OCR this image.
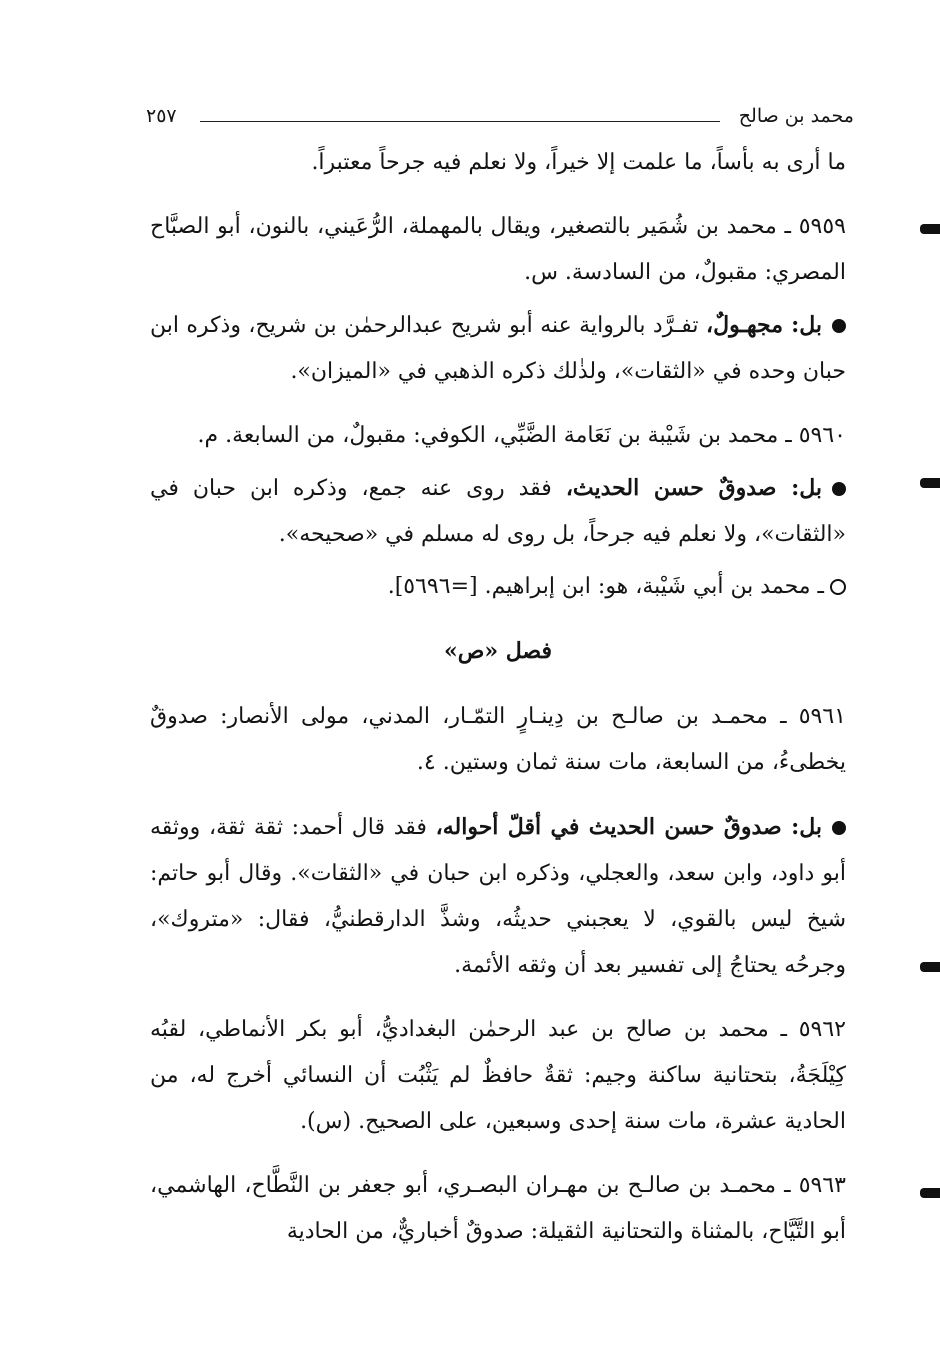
٢٥٧	محمد بن صالح

ما أرى به بأساً، ما علمت إلا خيراً، ولا نعلم فيه جرحاً معتبراً.

٥٩٥٩ ـ محمد بن شُمَير بالتصغير، ويقال بالمهملة، الرُّعَيني، بالنون، أبو الصبَّاح المصري: مقبولٌ، من السادسة. س.

بل: مجهـولٌ، تفـرَّد بالرواية عنه أبو شريح عبدالرحمٰن بن شريح، وذكره ابن حبان وحده في «الثقات»، ولذٰلك ذكره الذهبي في «الميزان».

٥٩٦٠ ـ محمد بن شَيْبة بن نَعَامة الضَّبِّي، الكوفي: مقبولٌ، من السابعة. م.

بل: صدوقٌ حسن الحديث، فقد روى عنه جمع، وذكره ابن حبان في «الثقات»، ولا نعلم فيه جرحاً، بل روى له مسلم في «صحيحه».

ـ محمد بن أبي شَيْبة، هو: ابن إبراهيم. [=٥٦٩٦].

فصل «ص»

٥٩٦١ ـ محمـد بن صالـح بن دِينـارٍ التمّـار، المدني، مولى الأنصار: صدوقٌ يخطىءُ، من السابعة، مات سنة ثمان وستين. ٤.

بل: صدوقٌ حسن الحديث في أقلّ أحواله، فقد قال أحمد: ثقة ثقة، ووثقه أبو داود، وابن سعد، والعجلي، وذكره ابن حبان في «الثقات». وقال أبو حاتم: شيخ ليس بالقوي، لا يعجبني حديثُه، وشذَّ الدارقطنيُّ، فقال: «متروك»، وجرحُه يحتاجُ إلى تفسير بعد أن وثقه الأئمة.

٥٩٦٢ ـ محمد بن صالح بن عبد الرحمٰن البغداديُّ، أبو بكر الأنماطي، لقبُه كِيْلَجَةُ، بتحتانية ساكنة وجيم: ثقةٌ حافظٌ لم يَثْبُت أن النسائي أخرج له، من الحادية عشرة، مات سنة إحدى وسبعين، على الصحيح. (س).

٥٩٦٣ ـ محمـد بن صالـح بن مهـران البصـري، أبو جعفر بن النَّطَّاح، الهاشمي، أبو التَّيَّاح، بالمثناة والتحتانية الثقيلة: صدوقٌ أخباريٌّ، من الحادية
